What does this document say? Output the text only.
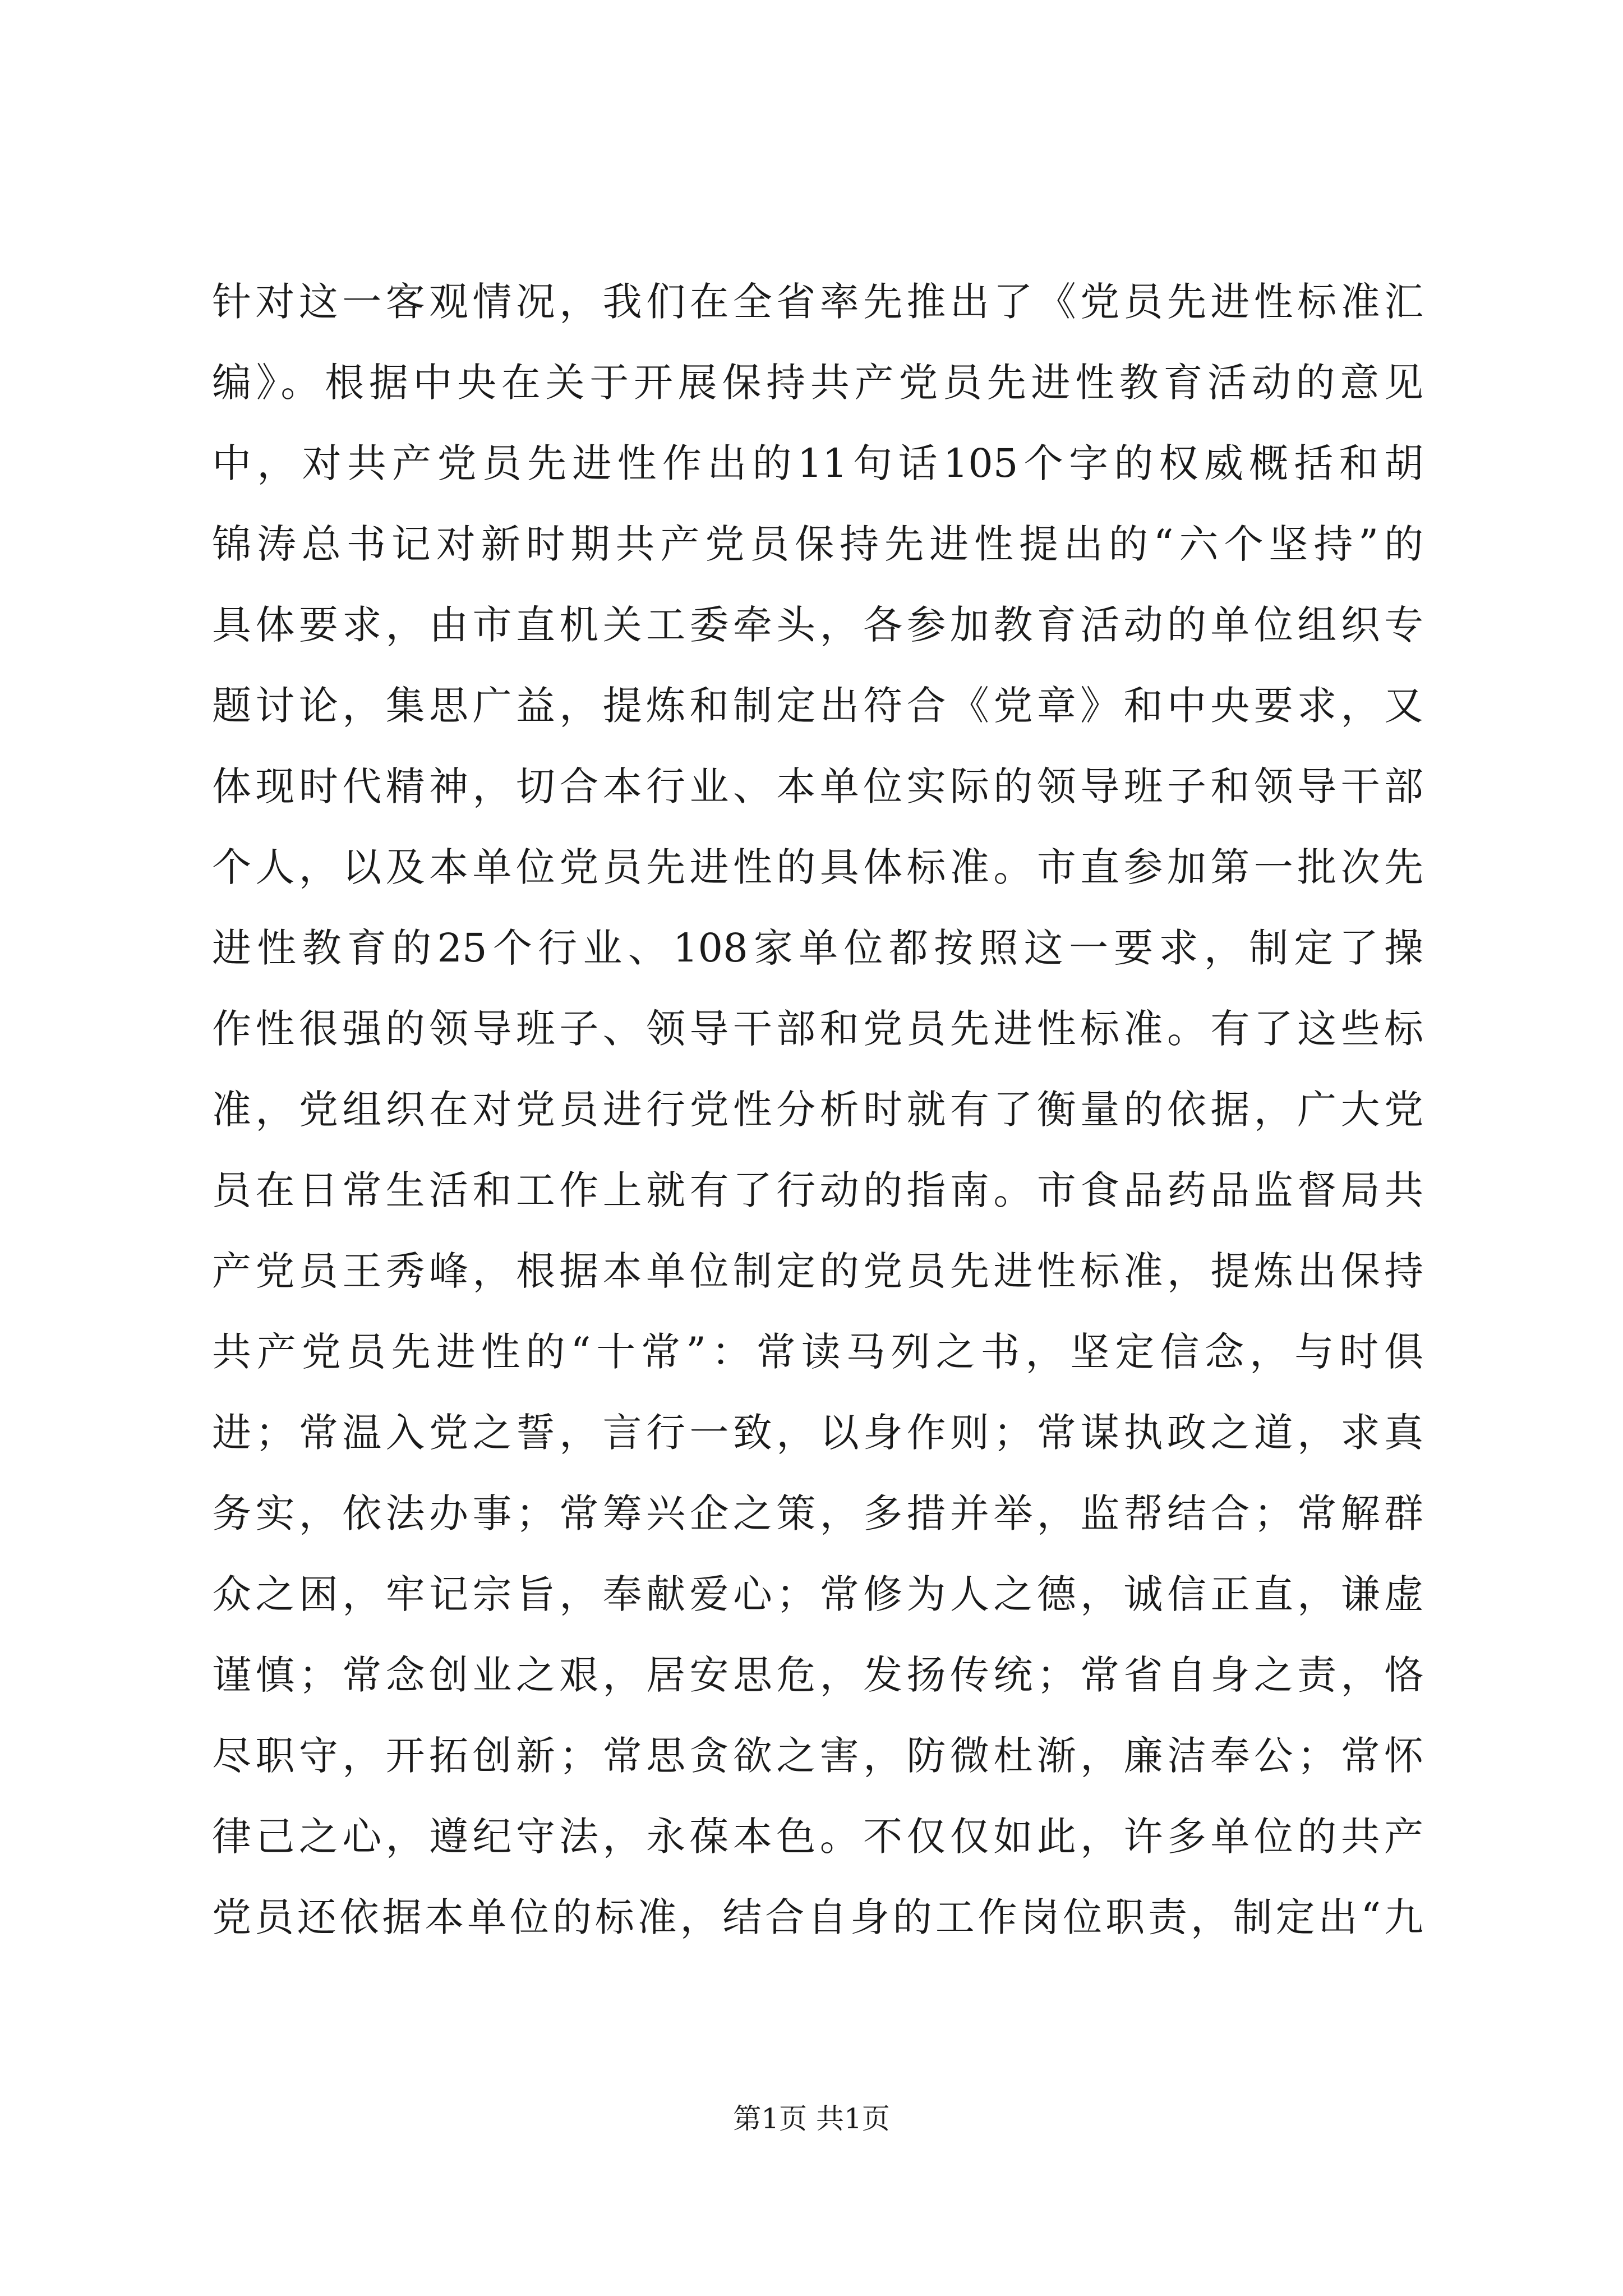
针对这一客观情况，我们在全省率先推出了《党员先进性标准汇
编》。根据中央在关于开展保持共产党员先进性教育活动的意见
中，对共产党员先进性作出的11句话105个字的权威概括和胡
锦涛总书记对新时期共产党员保持先进性提出的“六个坚持”的
具体要求，由市直机关工委牵头，各参加教育活动的单位组织专
题讨论，集思广益，提炼和制定出符合《党章》和中央要求，又
体现时代精神，切合本行业、本单位实际的领导班子和领导干部
个人，以及本单位党员先进性的具体标准。市直参加第一批次先
进性教育的25个行业、108家单位都按照这一要求，制定了操
作性很强的领导班子、领导干部和党员先进性标准。有了这些标
准，党组织在对党员进行党性分析时就有了衡量的依据，广大党
员在日常生活和工作上就有了行动的指南。市食品药品监督局共
产党员王秀峰，根据本单位制定的党员先进性标准，提炼出保持
共产党员先进性的“十常”：常读马列之书，坚定信念，与时俱
进；常温入党之誓，言行一致，以身作则；常谋执政之道，求真
务实，依法办事；常筹兴企之策，多措并举，监帮结合；常解群
众之困，牢记宗旨，奉献爱心；常修为人之德，诚信正直，谦虚
谨慎；常念创业之艰，居安思危，发扬传统；常省自身之责，恪
尽职守，开拓创新；常思贪欲之害，防微杜渐，廉洁奉公；常怀
律己之心，遵纪守法，永葆本色。不仅仅如此，许多单位的共产
党员还依据本单位的标准，结合自身的工作岗位职责，制定出“九
第1页 共1页
